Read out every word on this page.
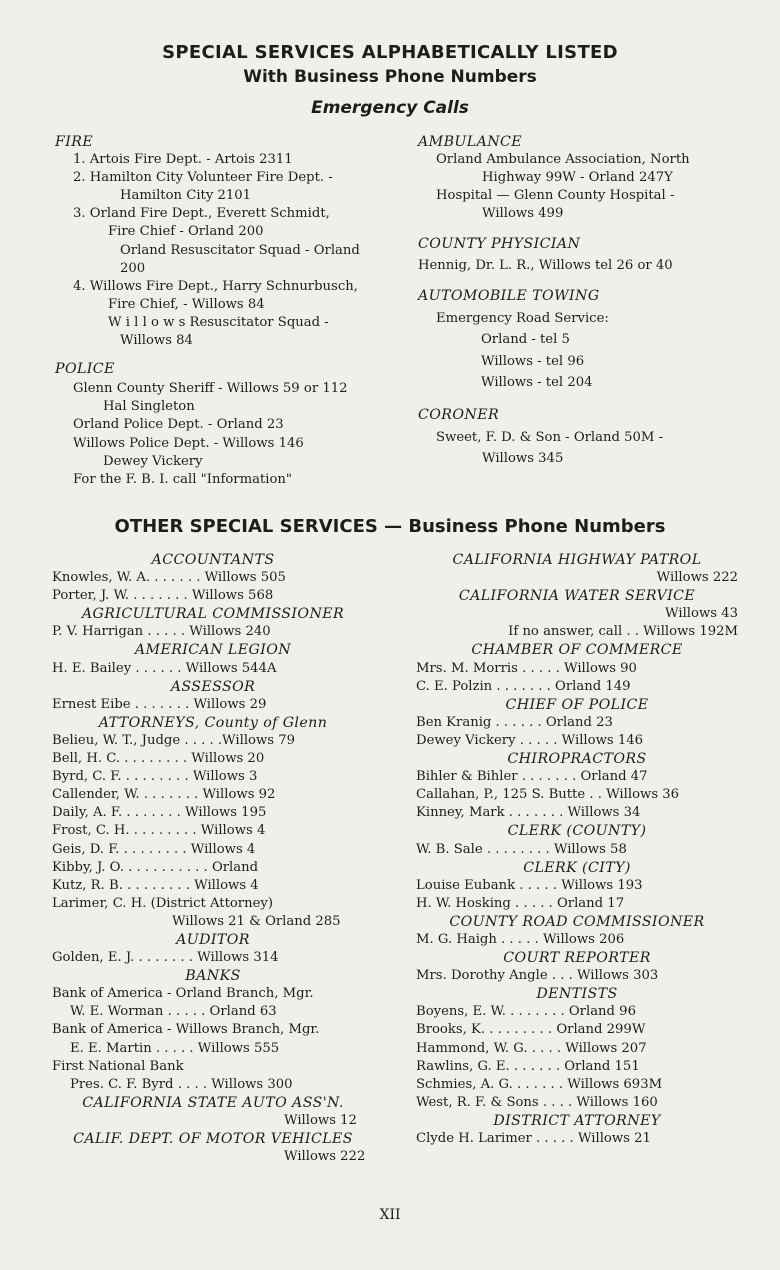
SPECIAL SERVICES ALPHABETICALLY LISTED
With Business Phone Numbers
Emergency Calls
FIRE
1. Artois Fire Dept. - Artois 2311
2. Hamilton City Volunteer Fire Dept. -
Hamilton City 2101
3. Orland Fire Dept., Everett Schmidt,
Fire Chief - Orland 200
Orland Resuscitator Squad - Orland
200
4. Willows Fire Dept., Harry Schnurbusch,
Fire Chief, - Willows 84
W i l l o w s Resuscitator Squad -
Willows 84
POLICE
Glenn County Sheriff - Willows 59 or 112
Hal Singleton
Orland Police Dept. - Orland 23
Willows Police Dept. - Willows 146
Dewey Vickery
For the F. B. I. call "Information"
AMBULANCE
Orland Ambulance Association, North
Highway 99W - Orland 247Y
Hospital — Glenn County Hospital -
Willows 499
COUNTY PHYSICIAN
Hennig, Dr. L. R., Willows tel 26 or 40
AUTOMOBILE TOWING
Emergency Road Service:
Orland - tel 5
Willows - tel 96
Willows - tel 204
CORONER
Sweet, F. D. & Son - Orland 50M -
Willows 345
OTHER SPECIAL SERVICES — Business Phone Numbers
ACCOUNTANTS
Knowles, W. A. . . . . . . Willows 505
Porter, J. W. . . . . . . . Willows 568
AGRICULTURAL COMMISSIONER
P. V. Harrigan . . . . . Willows 240
AMERICAN LEGION
H. E. Bailey . . . . . . Willows 544A
ASSESSOR
Ernest Eibe . . . . . . . Willows 29
ATTORNEYS, County of Glenn
Belieu, W. T., Judge . . . . .Willows 79
Bell, H. C. . . . . . . . . Willows 20
Byrd, C. F. . . . . . . . . Willows 3
Callender, W. . . . . . . . Willows 92
Daily, A. F. . . . . . . . Willows 195
Frost, C. H. . . . . . . . . Willows 4
Geis, D. F. . . . . . . . . Willows 4
Kibby, J. O. . . . . . . . . . . Orland
Kutz, R. B. . . . . . . . . Willows 4
Larimer, C. H. (District Attorney)
Willows 21 & Orland 285
AUDITOR
Golden, E. J. . . . . . . . Willows 314
BANKS
Bank of America - Orland Branch, Mgr.
W. E. Worman . . . . . Orland 63
Bank of America - Willows Branch, Mgr.
E. E. Martin . . . . . Willows 555
First National Bank
Pres. C. F. Byrd . . . . Willows 300
CALIFORNIA STATE AUTO ASS'N.
Willows 12
CALIF. DEPT. OF MOTOR VEHICLES
Willows 222
CALIFORNIA HIGHWAY PATROL
Willows 222
CALIFORNIA WATER SERVICE
Willows 43
If no answer, call . . Willows 192M
CHAMBER OF COMMERCE
Mrs. M. Morris . . . . . Willows 90
C. E. Polzin . . . . . . . Orland 149
CHIEF OF POLICE
Ben Kranig . . . . . . Orland 23
Dewey Vickery . . . . . Willows 146
CHIROPRACTORS
Bihler & Bihler . . . . . . . Orland 47
Callahan, P., 125 S. Butte . . Willows 36
Kinney, Mark . . . . . . . Willows 34
CLERK (COUNTY)
W. B. Sale . . . . . . . . Willows 58
CLERK (CITY)
Louise Eubank . . . . . Willows 193
H. W. Hosking . . . . . Orland 17
COUNTY ROAD COMMISSIONER
M. G. Haigh . . . . . Willows 206
COURT REPORTER
Mrs. Dorothy Angle . . . Willows 303
DENTISTS
Boyens, E. W. . . . . . . . Orland 96
Brooks, K. . . . . . . . . Orland 299W
Hammond, W. G. . . . . Willows 207
Rawlins, G. E. . . . . . . Orland 151
Schmies, A. G. . . . . . . Willows 693M
West, R. F. & Sons . . . . Willows 160
DISTRICT ATTORNEY
Clyde H. Larimer . . . . . Willows 21
XII
